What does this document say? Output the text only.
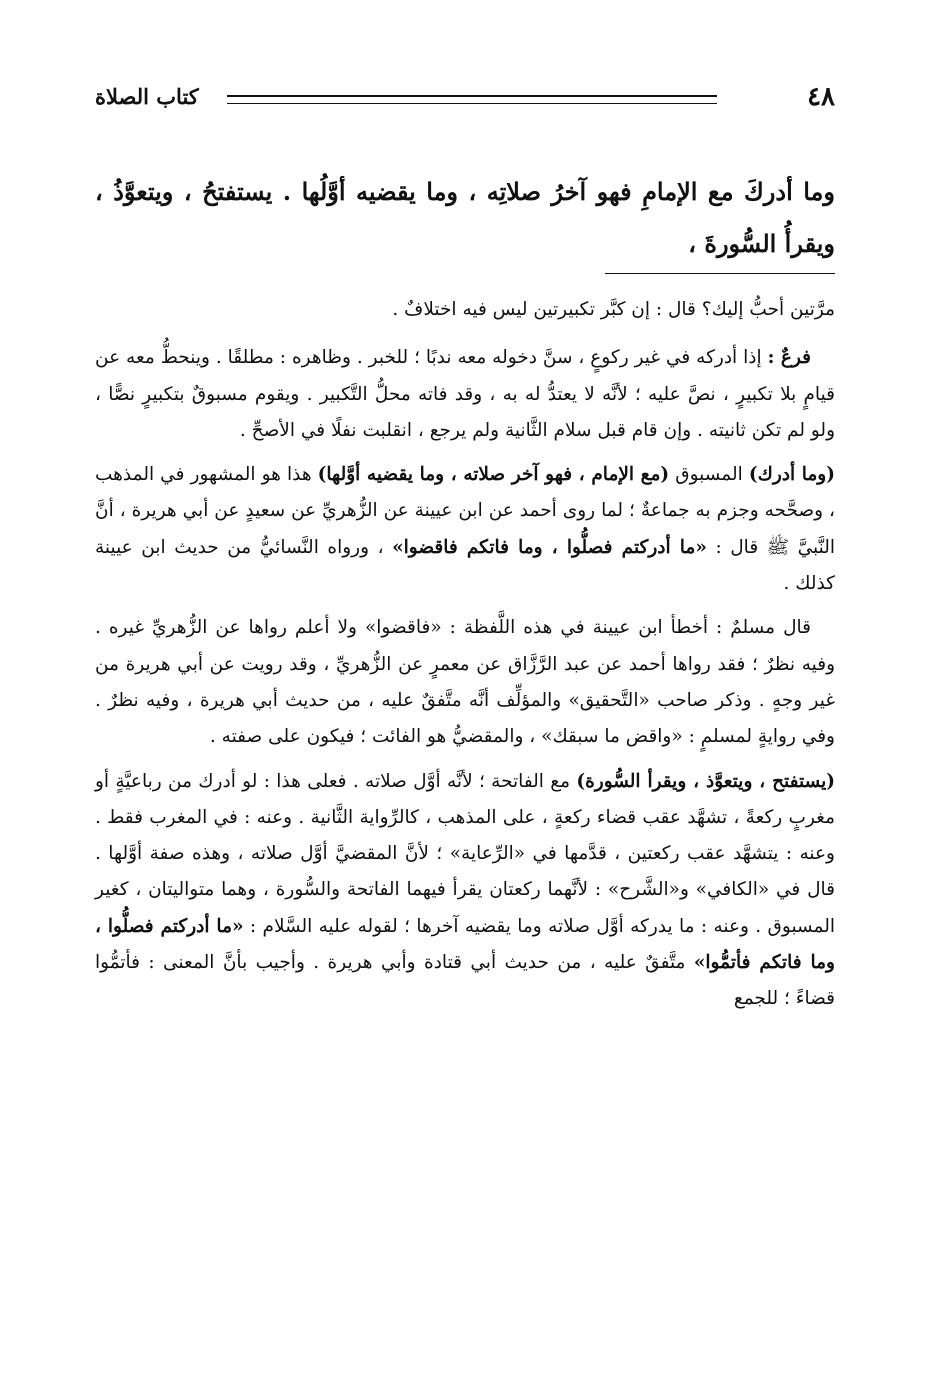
٤٨
كتاب الصلاة

وما أدركَ مع الإمامِ فهو آخرُ صلاتِه ، وما يقضيه أوَّلُها . يستفتحُ ، ويتعوَّذُ ، ويقرأُ السُّورةَ ،

مرَّتين أحبُّ إليك؟ قال : إن كبَّر تكبيرتين ليس فيه اختلافٌ .

فرعٌ : إذا أدركه في غير ركوعٍ ، سنَّ دخوله معه ندبًا ؛ للخبر . وظاهره : مطلقًا . وينحطُّ معه عن قيامٍ بلا تكبيرٍ ، نصَّ عليه ؛ لأنَّه لا يعتدُّ له به ، وقد فاته محلُّ التَّكبير . ويقوم مسبوقٌ بتكبيرٍ نصًّا ، ولو لم تكن ثانيته . وإن قام قبل سلام الثَّانية ولم يرجع ، انقلبت نفلًا في الأصحِّ .

(وما أدرك) المسبوق (مع الإمام ، فهو آخر صلاته ، وما يقضيه أوَّلها) هذا هو المشهور في المذهب ، وصحَّحه وجزم به جماعةٌ ؛ لما روى أحمد عن ابن عيينة عن الزُّهريِّ عن سعيدٍ عن أبي هريرة ، أنَّ النَّبيَّ ﷺ قال : «ما أدركتم فصلُّوا ، وما فاتكم فاقضوا» ، ورواه النَّسائيُّ من حديث ابن عيينة كذلك .

قال مسلمٌ : أخطأ ابن عيينة في هذه اللَّفظة : «فاقضوا» ولا أعلم رواها عن الزُّهريِّ غيره . وفيه نظرٌ ؛ فقد رواها أحمد عن عبد الرَّزَّاق عن معمرٍ عن الزُّهريِّ ، وقد رويت عن أبي هريرة من غير وجهٍ . وذكر صاحب «التَّحقيق» والمؤلِّف أنَّه متَّفقٌ عليه ، من حديث أبي هريرة ، وفيه نظرٌ . وفي روايةٍ لمسلمٍ : «واقض ما سبقك» ، والمقضيُّ هو الفائت ؛ فيكون على صفته .

(يستفتح ، ويتعوَّذ ، ويقرأ السُّورة) مع الفاتحة ؛ لأنَّه أوَّل صلاته . فعلى هذا : لو أدرك من رباعيَّةٍ أو مغربٍ ركعةً ، تشهَّد عقب قضاء ركعةٍ ، على المذهب ، كالرِّواية الثَّانية . وعنه : في المغرب فقط . وعنه : يتشهَّد عقب ركعتين ، قدَّمها في «الرِّعاية» ؛ لأنَّ المقضيَّ أوَّل صلاته ، وهذه صفة أوَّلها . قال في «الكافي» و«الشَّرح» : لأنَّهما ركعتان يقرأ فيهما الفاتحة والسُّورة ، وهما متواليتان ، كغير المسبوق . وعنه : ما يدركه أوَّل صلاته وما يقضيه آخرها ؛ لقوله عليه السَّلام : «ما أدركتم فصلُّوا ، وما فاتكم فأتمُّوا» متَّفقٌ عليه ، من حديث أبي قتادة وأبي هريرة . وأجيب بأنَّ المعنى : فأتمُّوا قضاءً ؛ للجمع
